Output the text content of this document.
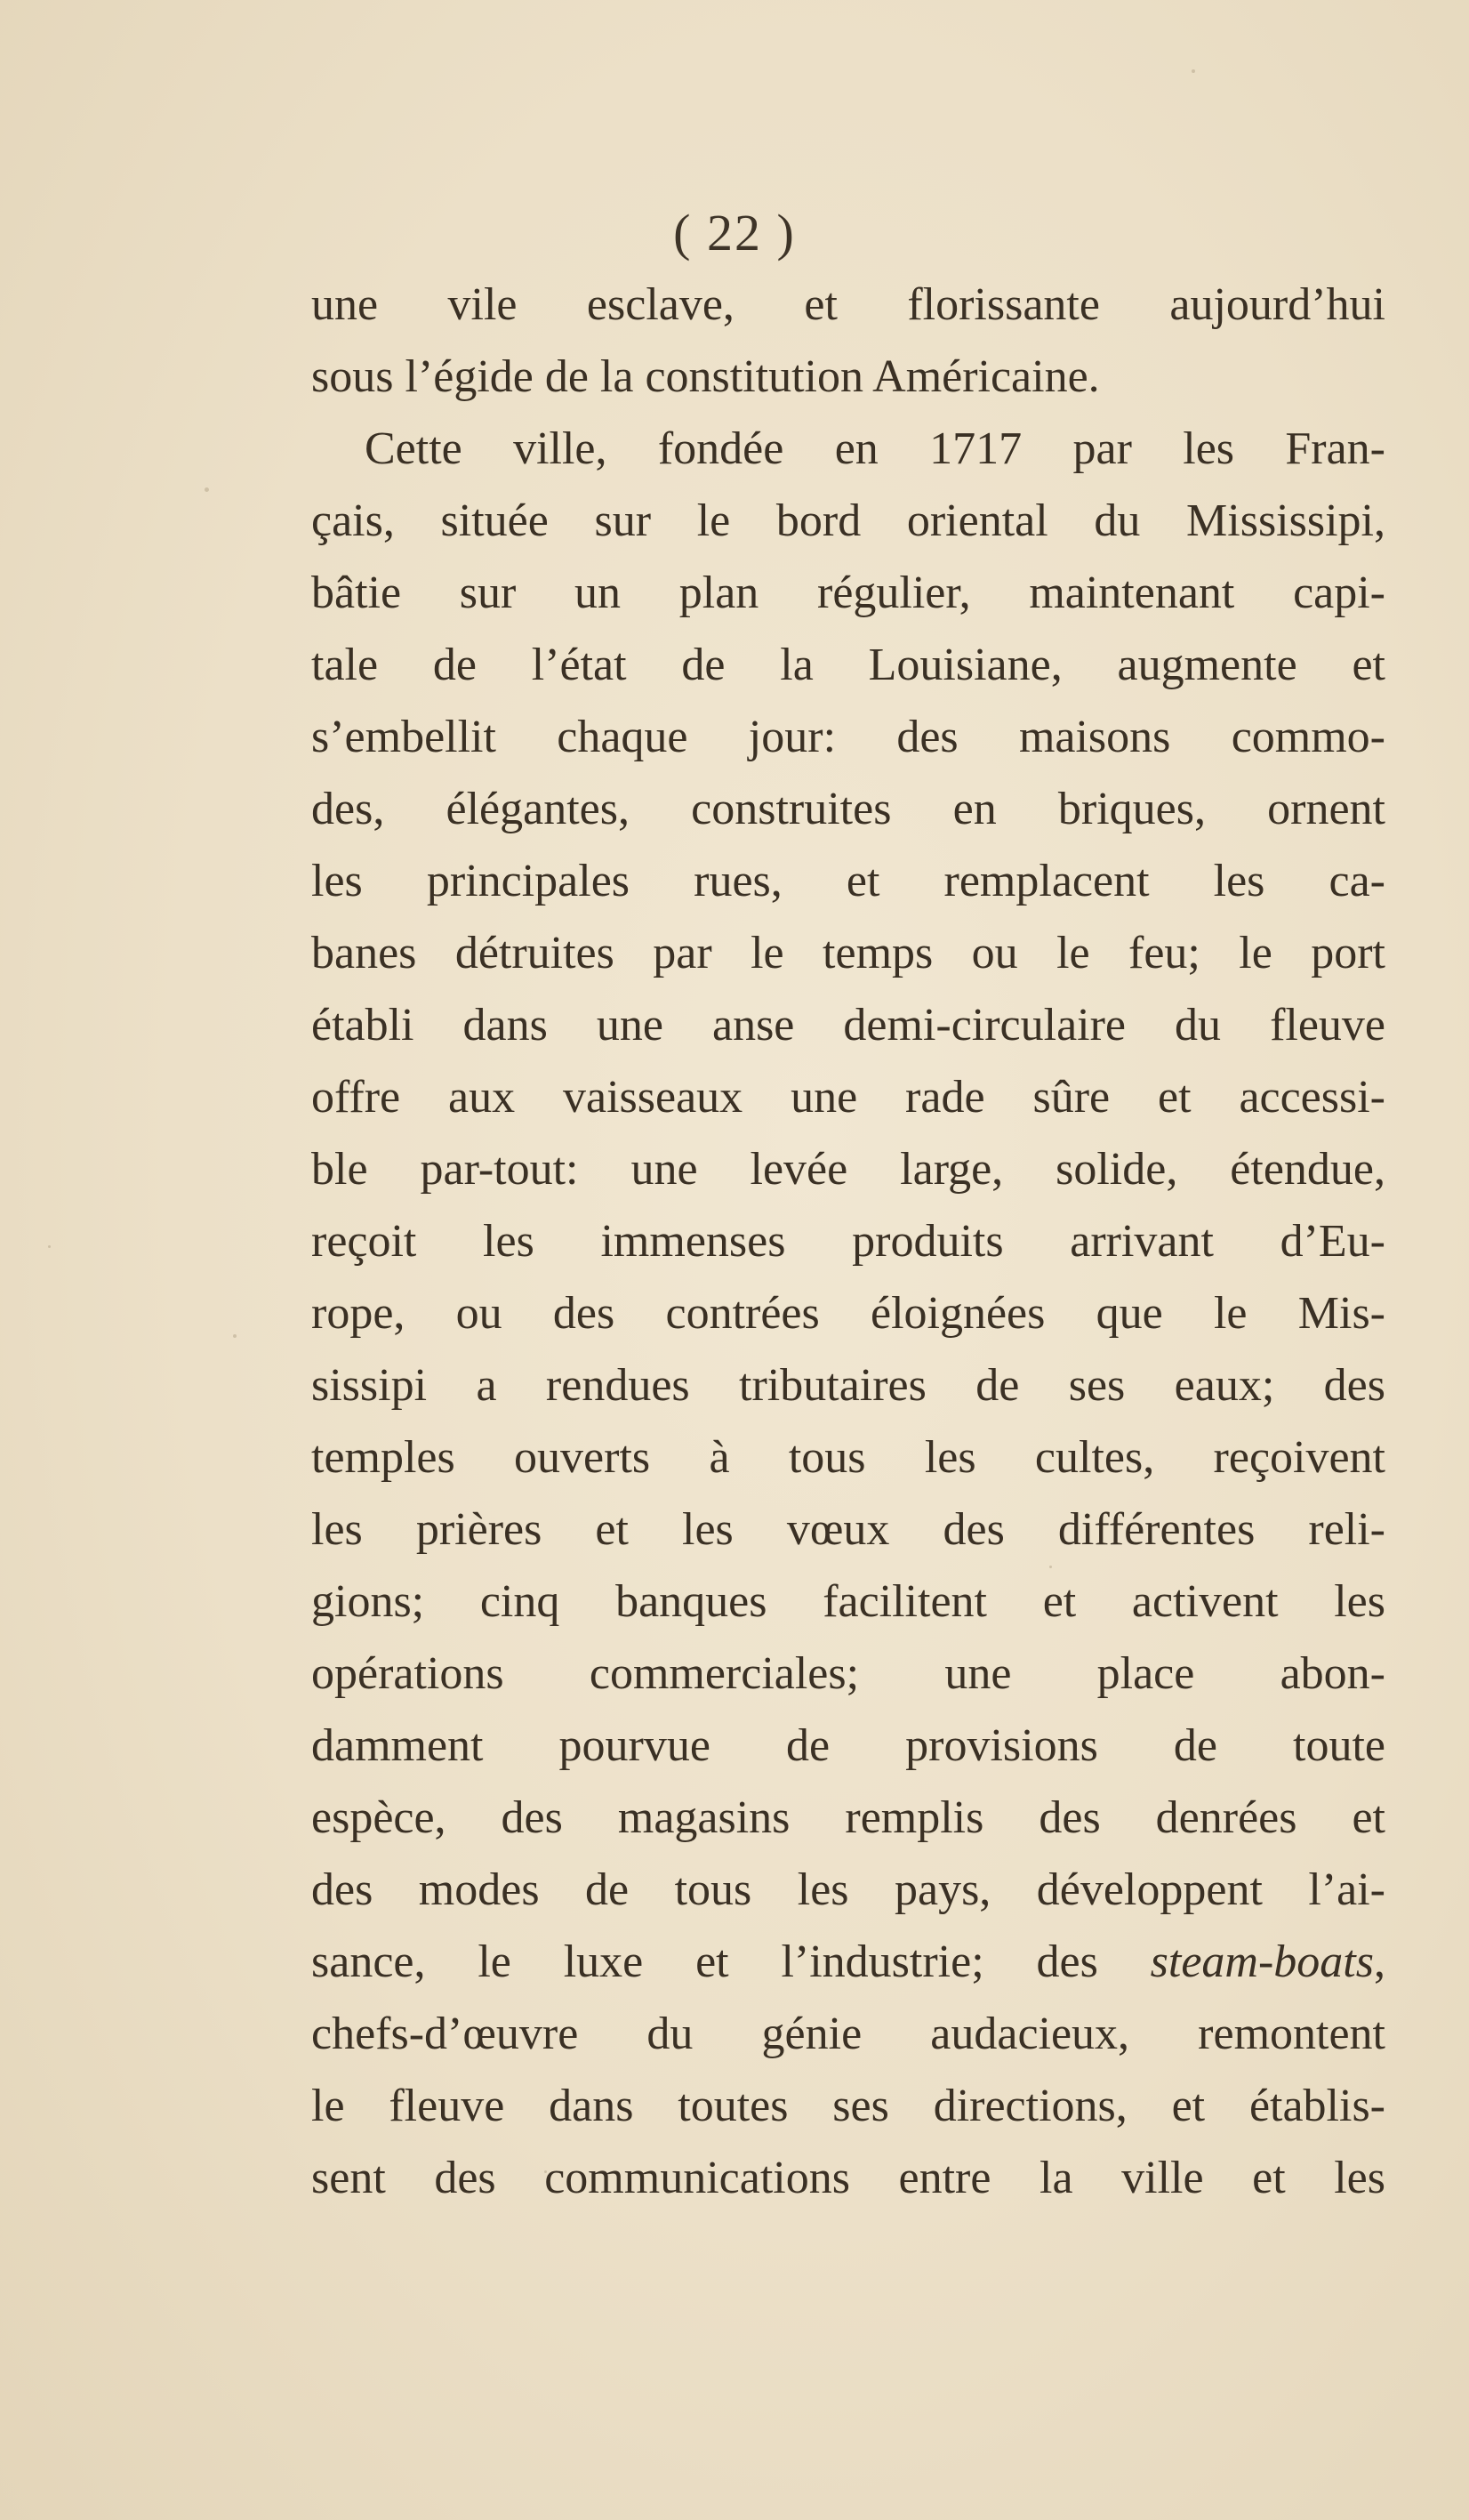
( 22 )
une vile esclave, et florissante aujourd’hui
sous l’égide de la constitution Américaine.
Cette ville, fondée en 1717 par les Fran-
çais, située sur le bord oriental du Mississipi,
bâtie sur un plan régulier, maintenant capi-
tale de l’état de la Louisiane, augmente et
s’embellit chaque jour: des maisons commo-
des, élégantes, construites en briques, ornent
les principales rues, et remplacent les ca-
banes détruites par le temps ou le feu; le port
établi dans une anse demi-circulaire du fleuve
offre aux vaisseaux une rade sûre et accessi-
ble par-tout: une levée large, solide, étendue,
reçoit les immenses produits arrivant d’Eu-
rope, ou des contrées éloignées que le Mis-
sissipi a rendues tributaires de ses eaux; des
temples ouverts à tous les cultes, reçoivent
les prières et les vœux des différentes reli-
gions; cinq banques facilitent et activent les
opérations commerciales; une place abon-
damment pourvue de provisions de toute
espèce, des magasins remplis des denrées et
des modes de tous les pays, développent l’ai-
sance, le luxe et l’industrie; des steam-boats,
chefs-d’œuvre du génie audacieux, remontent
le fleuve dans toutes ses directions, et établis-
sent des communications entre la ville et les
